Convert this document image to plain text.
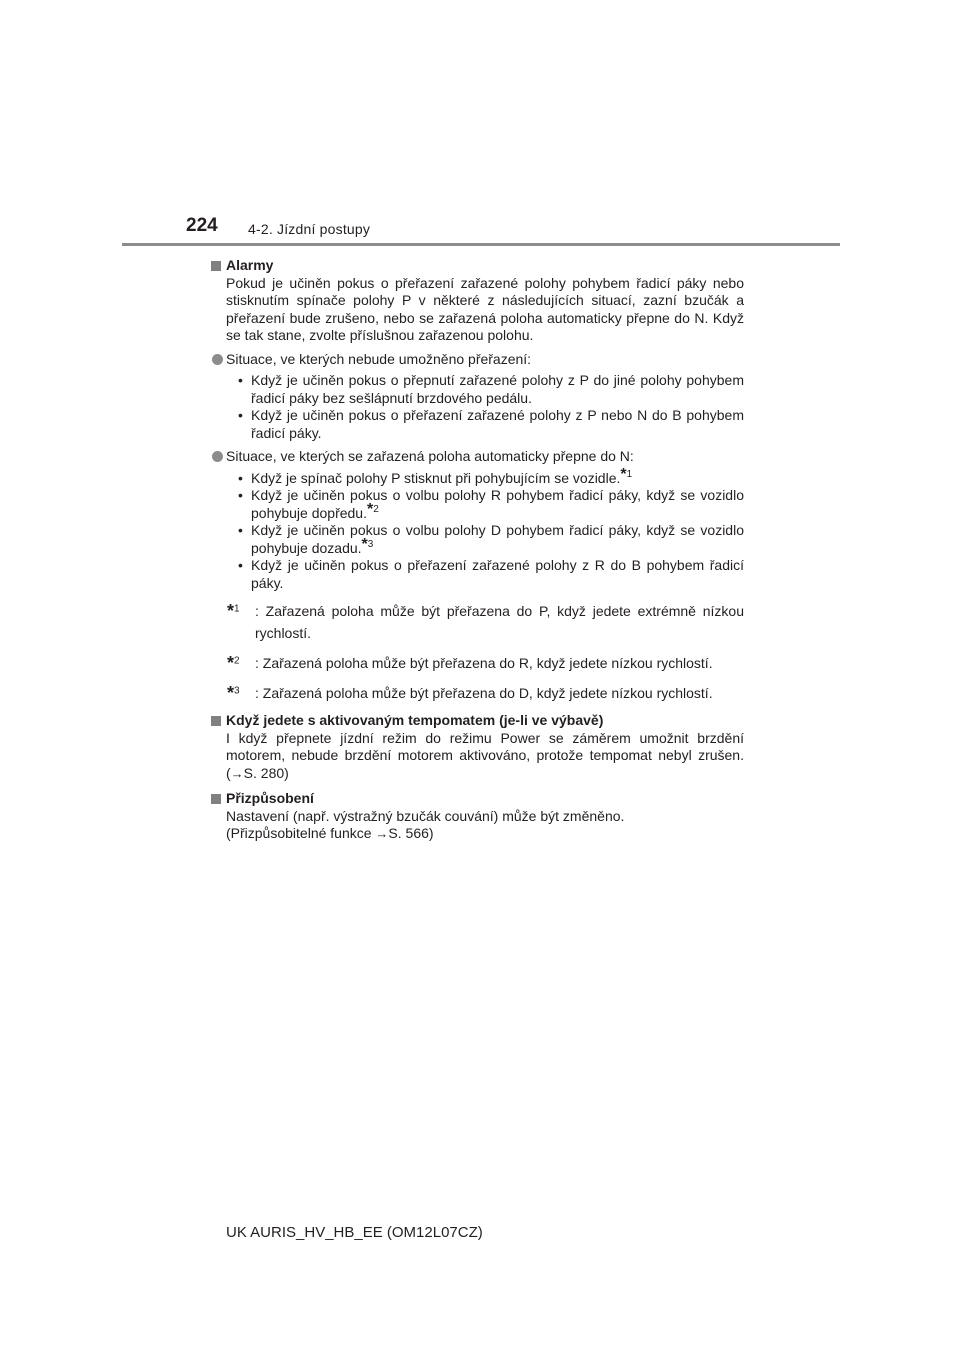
224 4-2. Jízdní postupy
Alarmy
Pokud je učiněn pokus o přeřazení zařazené polohy pohybem řadicí páky nebo stisknutím spínače polohy P v některé z následujících situací, zazní bzučák a přeřazení bude zrušeno, nebo se zařazená poloha automaticky přepne do N. Když se tak stane, zvolte příslušnou zařazenou polohu.
Situace, ve kterých nebude umožněno přeřazení:
• Když je učiněn pokus o přepnutí zařazené polohy z P do jiné polohy pohybem řadicí páky bez sešlápnutí brzdového pedálu.
• Když je učiněn pokus o přeřazení zařazené polohy z P nebo N do B pohybem řadicí páky.
Situace, ve kterých se zařazená poloha automaticky přepne do N:
• Když je spínač polohy P stisknut při pohybujícím se vozidle.$^{*1}$
• Když je učiněn pokus o volbu polohy R pohybem řadicí páky, když se vozidlo pohybuje dopředu.$^{*2}$
• Když je učiněn pokus o volbu polohy D pohybem řadicí páky, když se vozidlo pohybuje dozadu.$^{*3}$
• Když je učiněn pokus o přeřazení zařazené polohy z R do B pohybem řadicí páky.
*$^1$ : Zařazená poloha může být přeřazena do P, když jedete extrémně nízkou rychlostí.
*$^2$ : Zařazená poloha může být přeřazena do R, když jedete nízkou rychlostí.
*$^3$ : Zařazená poloha může být přeřazena do D, když jedete nízkou rychlostí.
Když jedete s aktivovaným tempomatem (je-li ve výbavě)
I když přepnete jízdní režim do režimu Power se záměrem umožnit brzdění motorem, nebude brzdění motorem aktivováno, protože tempomat nebyl zrušen. (→S. 280)
Přizpůsobení
Nastavení (např. výstražný bzučák couvání) může být změněno.
(Přizpůsobitelné funkce →S. 566)
UK AURIS_HV_HB_EE (OM12L07CZ)
